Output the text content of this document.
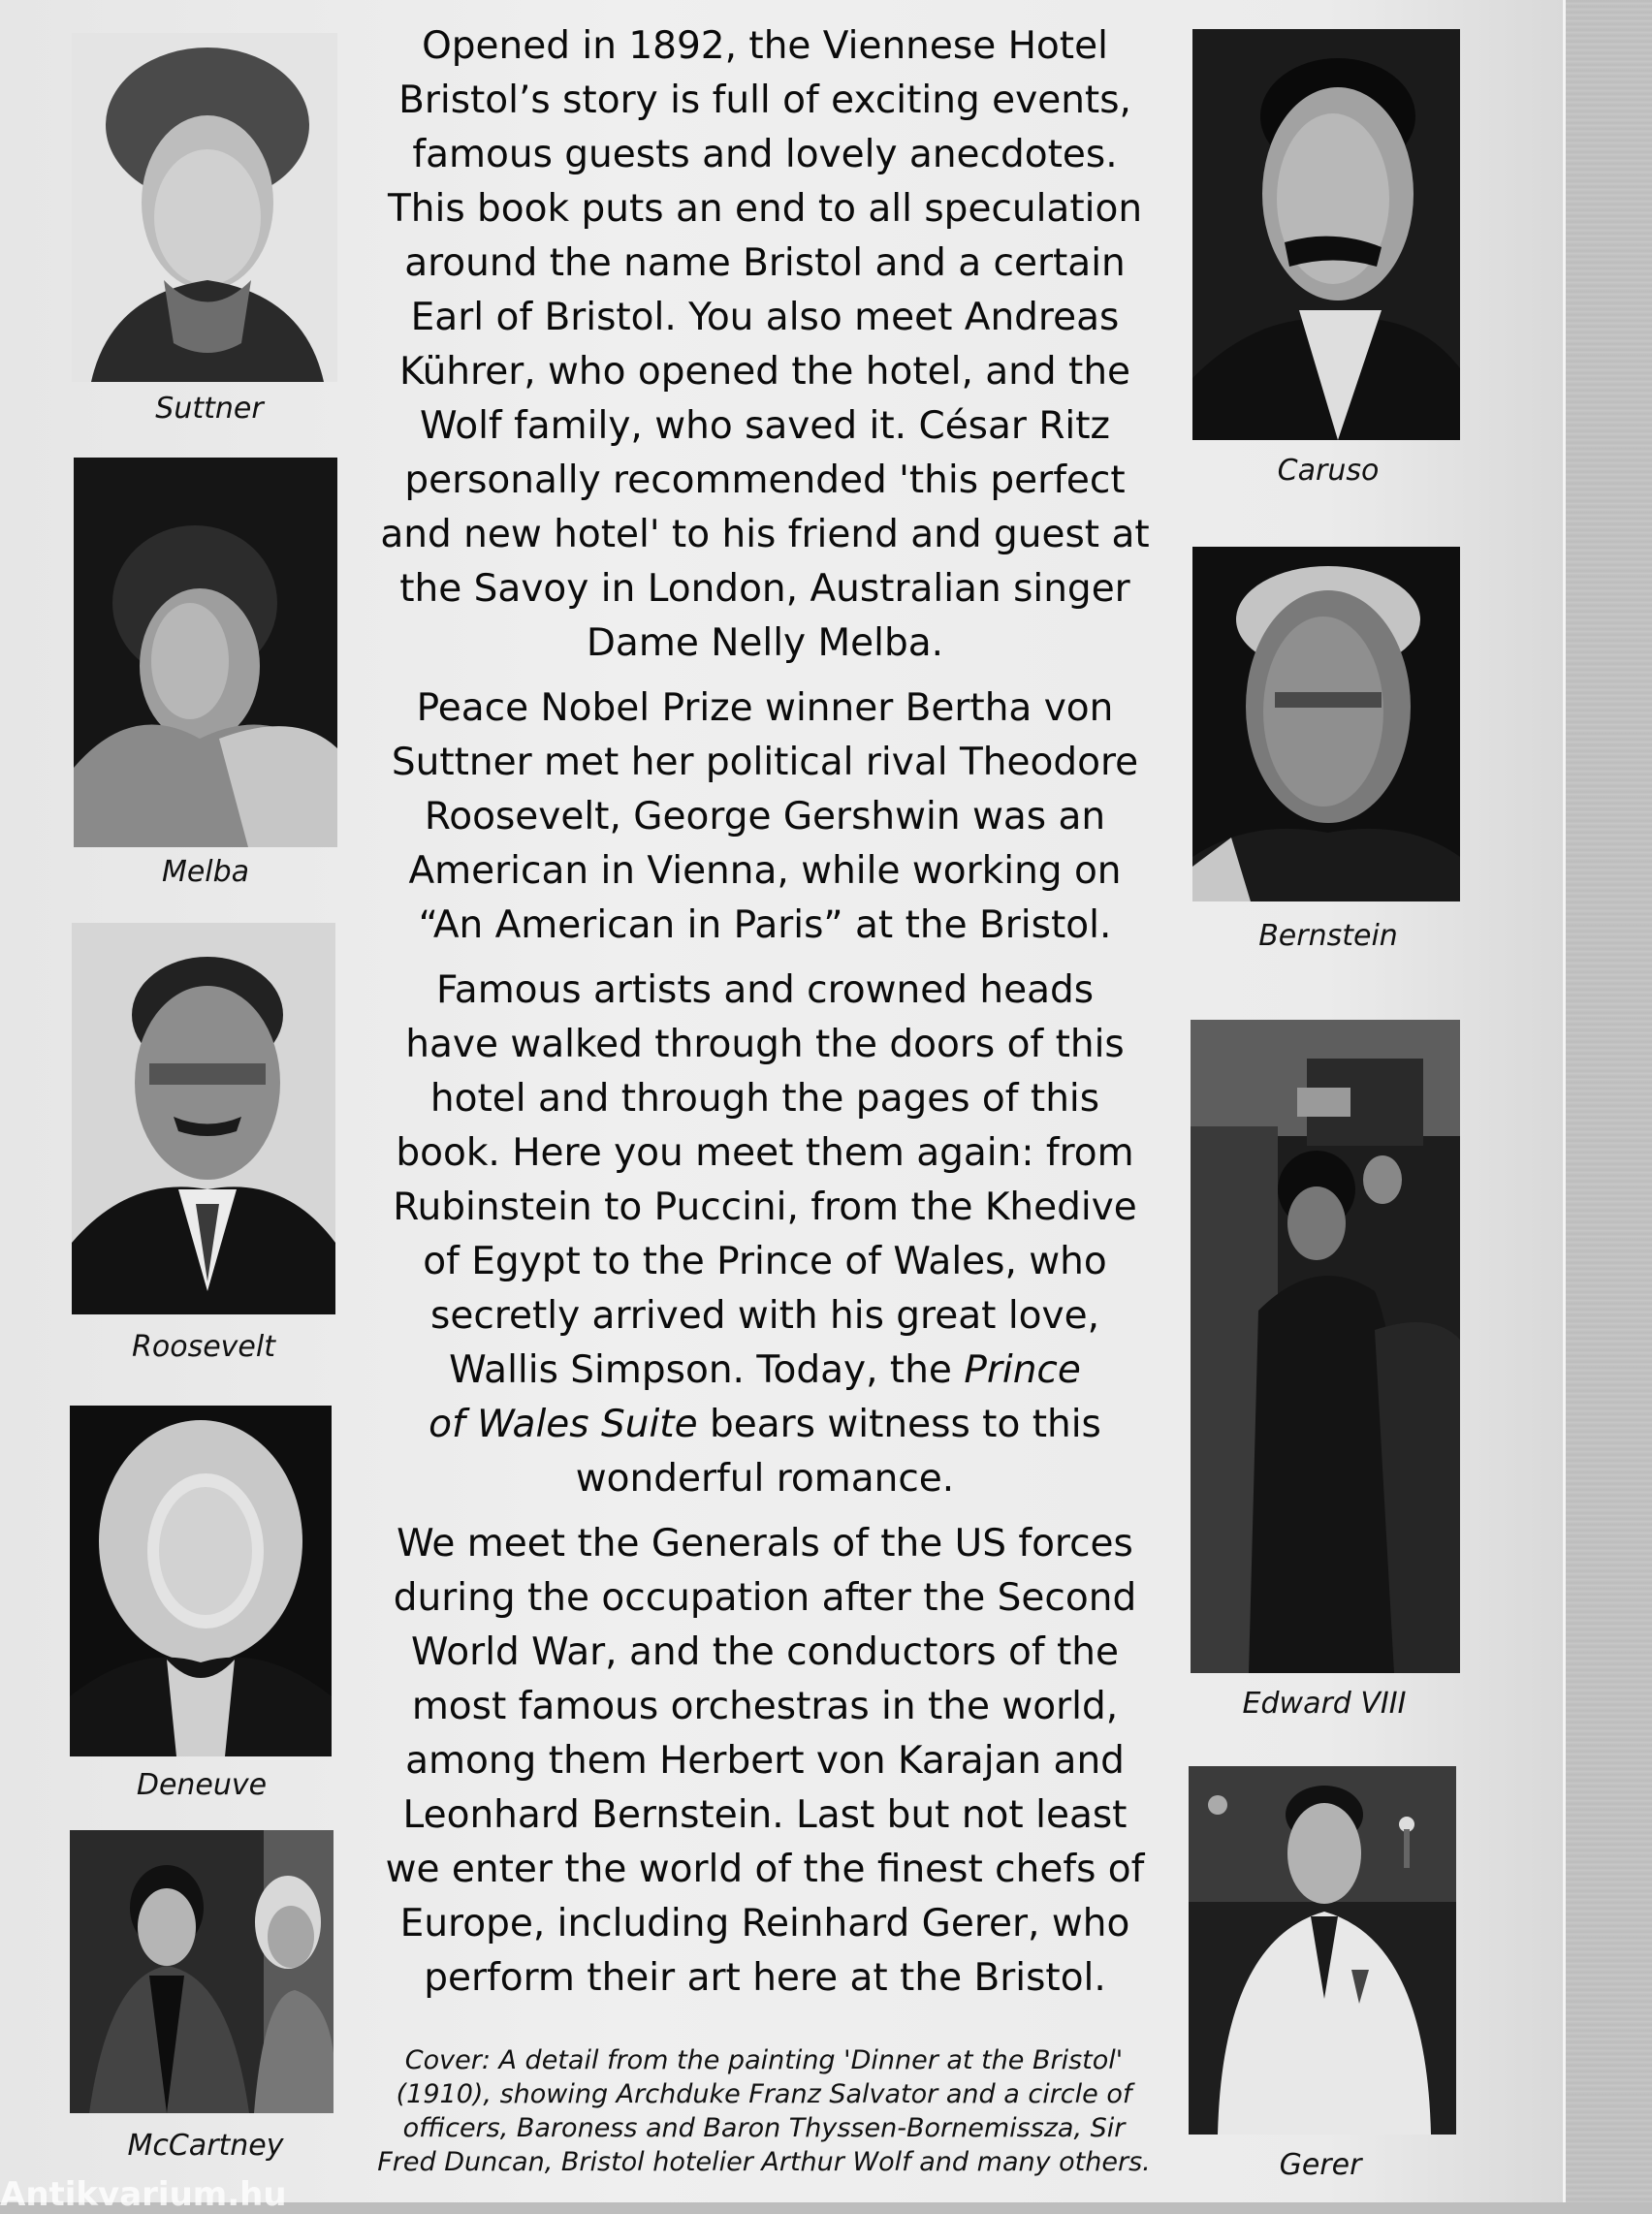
Suttner
Melba
Roosevelt
Deneuve
McCartney
Caruso
Bernstein
Edward VIII
Gerer

Opened in 1892, the Viennese Hotel
Bristol’s story is full of exciting events,
famous guests and lovely anecdotes.
This book puts an end to all speculation
around the name Bristol and a certain
Earl of Bristol. You also meet Andreas
Kührer, who opened the hotel, and the
Wolf family, who saved it. César Ritz
personally recommended 'this perfect
and new hotel' to his friend and guest at
the Savoy in London, Australian singer
Dame Nelly Melba.

Peace Nobel Prize winner Bertha von
Suttner met her political rival Theodore
Roosevelt, George Gershwin was an
American in Vienna, while working on
“An American in Paris” at the Bristol.

Famous artists and crowned heads
have walked through the doors of this
hotel and through the pages of this
book. Here you meet them again: from
Rubinstein to Puccini, from the Khedive
of Egypt to the Prince of Wales, who
secretly arrived with his great love,
Wallis Simpson. Today, the Prince
of Wales Suite bears witness to this
wonderful romance.

We meet the Generals of the US forces
during the occupation after the Second
World War, and the conductors of the
most famous orchestras in the world,
among them Herbert von Karajan and
Leonhard Bernstein. Last but not least
we enter the world of the finest chefs of
Europe, including Reinhard Gerer, who
perform their art here at the Bristol.

Cover: A detail from the painting 'Dinner at the Bristol'
(1910), showing Archduke Franz Salvator and a circle of
officers, Baroness and Baron Thyssen-Bornemissza, Sir
Fred Duncan, Bristol hotelier Arthur Wolf and many others.
Antikvarium.hu
